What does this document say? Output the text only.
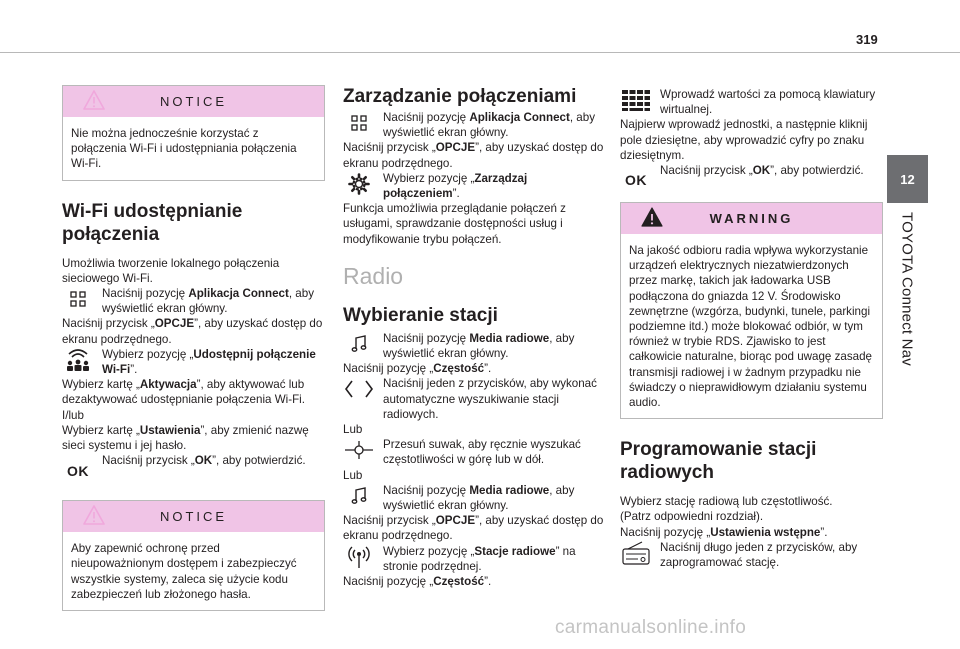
319
12
TOYOTA Connect Nav
NOTICE
Nie można jednocześnie korzystać z połączenia Wi-Fi i udostępniania połączenia Wi-Fi.
Wi-Fi udostępnianie połączenia

Umożliwia tworzenie lokalnego połączenia sieciowego Wi-Fi.

Naciśnij pozycję Aplikacja Connect, aby wyświetlić ekran główny.

Naciśnij przycisk „OPCJE”, aby uzyskać dostęp do ekranu podrzędnego.

Wybierz pozycję „Udostępnij połączenie Wi-Fi”.

Wybierz kartę „Aktywacja”, aby aktywować lub dezaktywować udostępnianie połączenia Wi-Fi.

I/lub

Wybierz kartę „Ustawienia”, aby zmienić nazwę sieci systemu i jej hasło.

OK
Naciśnij przycisk „OK”, aby potwierdzić.
NOTICE
Aby zapewnić ochronę przed nieupoważnionym dostępem i zabezpieczyć wszystkie systemy, zaleca się użycie kodu zabezpieczeń lub złożonego hasła.
Zarządzanie połączeniami
Naciśnij pozycję Aplikacja Connect, aby wyświetlić ekran główny.

Naciśnij przycisk „OPCJE”, aby uzyskać dostęp do ekranu podrzędnego.

Wybierz pozycję „Zarządzaj połączeniem”.

Funkcja umożliwia przeglądanie połączeń z usługami, sprawdzanie dostępności usług i modyfikowanie trybu połączeń.

Radio
Wybieranie stacji
Naciśnij pozycję Media radiowe, aby wyświetlić ekran główny.

Naciśnij pozycję „Częstość”.

Naciśnij jeden z przycisków, aby wykonać automatyczne wyszukiwanie stacji radiowych.

Lub

Przesuń suwak, aby ręcznie wyszukać częstotliwości w górę lub w dół.

Lub

Naciśnij pozycję Media radiowe, aby wyświetlić ekran główny.

Naciśnij przycisk „OPCJE”, aby uzyskać dostęp do ekranu podrzędnego.

Wybierz pozycję „Stacje radiowe” na stronie podrzędnej.

Naciśnij pozycję „Częstość”.

Wprowadź wartości za pomocą klawiatury wirtualnej.

Najpierw wprowadź jednostki, a następnie kliknij pole dziesiętne, aby wprowadzić cyfry po znaku dziesiętnym.

OK
Naciśnij przycisk „OK”, aby potwierdzić.
WARNING
Na jakość odbioru radia wpływa wykorzystanie urządzeń elektrycznych niezatwierdzonych przez markę, takich jak ładowarka USB podłączona do gniazda 12 V. Środowisko zewnętrzne (wzgórza, budynki, tunele, parkingi podziemne itd.) może blokować odbiór, w tym również w trybie RDS. Zjawisko to jest całkowicie naturalne, biorąc pod uwagę zasadę transmisji radiowej i w żadnym przypadku nie świadczy o nieprawidłowym działaniu systemu audio.
Programowanie stacji radiowych

Wybierz stację radiową lub częstotliwość.

(Patrz odpowiedni rozdział).

Naciśnij pozycję „Ustawienia wstępne”.

Naciśnij długo jeden z przycisków, aby zaprogramować stację.
carmanualsonline.info
